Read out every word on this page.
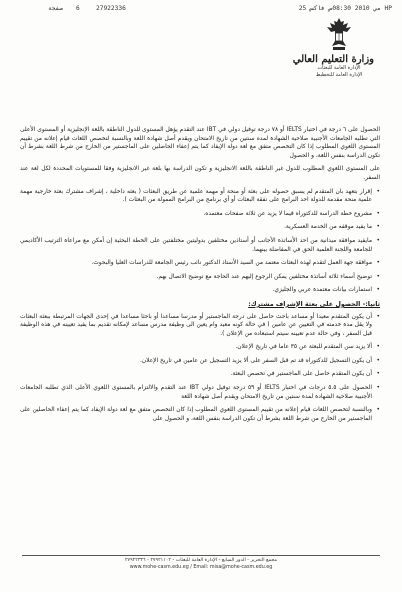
صفحة 6	27922336	25 مي 2010 08:30ص فاكس HP
وزارة التعليم العالي
الإدارة العامة للبعثات
الإدارة العامة للتخطيط

الحصول على ٦ درجة في اختبار IELTS أو ٧٨ درجة توفيل دولي في IBT عند التقدم يؤهل المستوى للدول الناطقة باللغة الإنجليزية أو المستوى الأعلى التي تطلبه الجامعات الأجنبية صلاحية الشهادة لمده سنتين من تاريخ الامتحان ويقدم أصل شهادة اللغة وبالنسبة لتخصص اللغات قيام إعلانه من تقييم المستوى اللغوي المطلوب إذا كان التخصص متفق مع لغة دولة الإيفاد كما يتم إعفاء الحاصلين على الماجستير من الخارج من شرط اللغة بشرط أن تكون الدراسة بنفس اللغة، و الحصول

على المستوى اللغوي المطلوب للدول غير الناطقة باللغة الانجليزية و تكون الدراسة بها بلغة غير الانجليزية وفقا للمستويات المحددة لكل لغة عند السفر.

•
إقرار بتعهد بان المتقدم لم يسبق حصوله على بعثة أو منحة أو مهمة علمية عن طريق البعثات ( بعثه داخلية ، إشراف مشترك بعثة خارجية مهمة علمية منحة مقدمة للدولة احد البرامج على نفقة البعثات أو أي برنامج من البرامج الممولة من البعثات ).
•
مشروع خطة الدراسة للدكتوراه قيما لا يزيد عن ثلاثة صفحات معتمده.
•
ما يفيد موقفه من الخدمة العسكرية.
•
مايفيد موافقة ميدانية من احد الأساتذة الأجانب أو أستاذين مختلفين بدوليتين مختلفتين على الخطة البحثية إن أمكن مع مراعاة الترتيب الأكاديمي للجامعة واللجنة العلمية الحق في المفاضلة بينهما.
•
موافقة جهة العمل لتقدم لهذه البعثات معتمد من السيد الأستاذ الدكتور نائب رئيس الجامعة للدراسات العليا والبحوث.
•
توضيح أسماء ثلاثة أساتذة مختلفين يمكن الرجوع إليهم عند الحاجة مع توضيح الاتصال بهم.
•
استمارات بيانات معتمدة عربي والجليزي.
ثانيا:- الحصول على بعثة الإشراف مشترك:
•
أن يكون المتقدم معيدا أو مساعد باحث حاصل على درجة الماجستير أو مدرسا مساعدا أو باحثا مساعدا في إحدى الجهات المرتبطة ببعثة البعثات ولا يقل مدة خدمته في التعيين عن عامين ( في حالة كونه معيد وام يعين الى وظيفة مدرس مساعد لإمكانه تقديم بما يفيد تعيينه في هذه الوظيفة قبل السفر ، وفي حالة عدم تعيينه سيتم استبعاده من الإعلان ).
•
ألا يزيد سن المتقدم للبعثة عن ٣٥ عاما في تاريخ الإعلان.
•
أن يكون التسجيل للدكتوراه قد تم قبل السفر على ألا يزيد التسجيل عن عامين في تاريخ الإعلان.
•
أن يكون المتقدم حاصل على الماجستير في تخصص البعثة.
•
الحصول على ٥.٥ درجات في اختبار IELTS أو ٥٩ درجة توفيل دولي IBT عند التقدم والالتزام بالمستوى اللغوي الأعلى الذي تطلبه الجامعات الأجنبية صلاحية الشهادة لمدة سنتين من تاريخ الامتحان ويقدم أصل شهادة اللغة
•
وبالنسبة لتخصص اللغات قيام إعلانه من تقييم المستوى اللغوي المطلوب إذا كان التخصص متفق مع لغة دولة الإيفاد كما يتم إعفاء الحاصلين على الماجستير من الخارج من شرط اللغة بشرط أن تكون الدراسة بنفس اللغة، و الحصول على
مجمع التحرير - الدور السابع - الإدارة العامة للبعثات - ٢٧٩٢١١٠٢ - ٢٧٩٢٢٣٣٦
www.mohe-casm.edu.eg / Email: misa@mohe-casm.edu.eg
